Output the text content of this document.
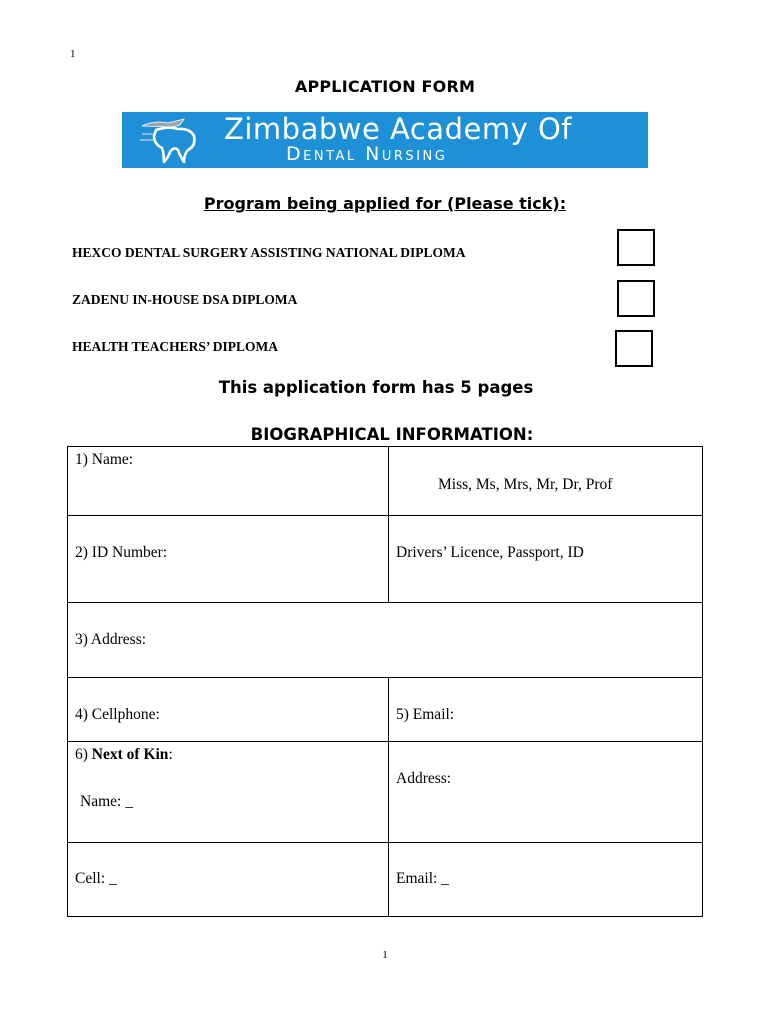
1
APPLICATION FORM
Zimbabwe Academy Of
Dental Nursing
Program being applied for (Please tick):
HEXCO DENTAL SURGERY ASSISTING NATIONAL DIPLOMA
ZADENU IN-HOUSE DSA DIPLOMA
HEALTH TEACHERS’ DIPLOMA
This application form has 5 pages
BIOGRAPHICAL INFORMATION:
1) Name:	Miss, Ms, Mrs, Mr, Dr, Prof

2) ID Number:	Drivers’ Licence, Passport, ID

3) Address:	

4) Cellphone:	5) Email:

6) Next of Kin:
Name: _	Address:

Cell: _	Email: _
1
